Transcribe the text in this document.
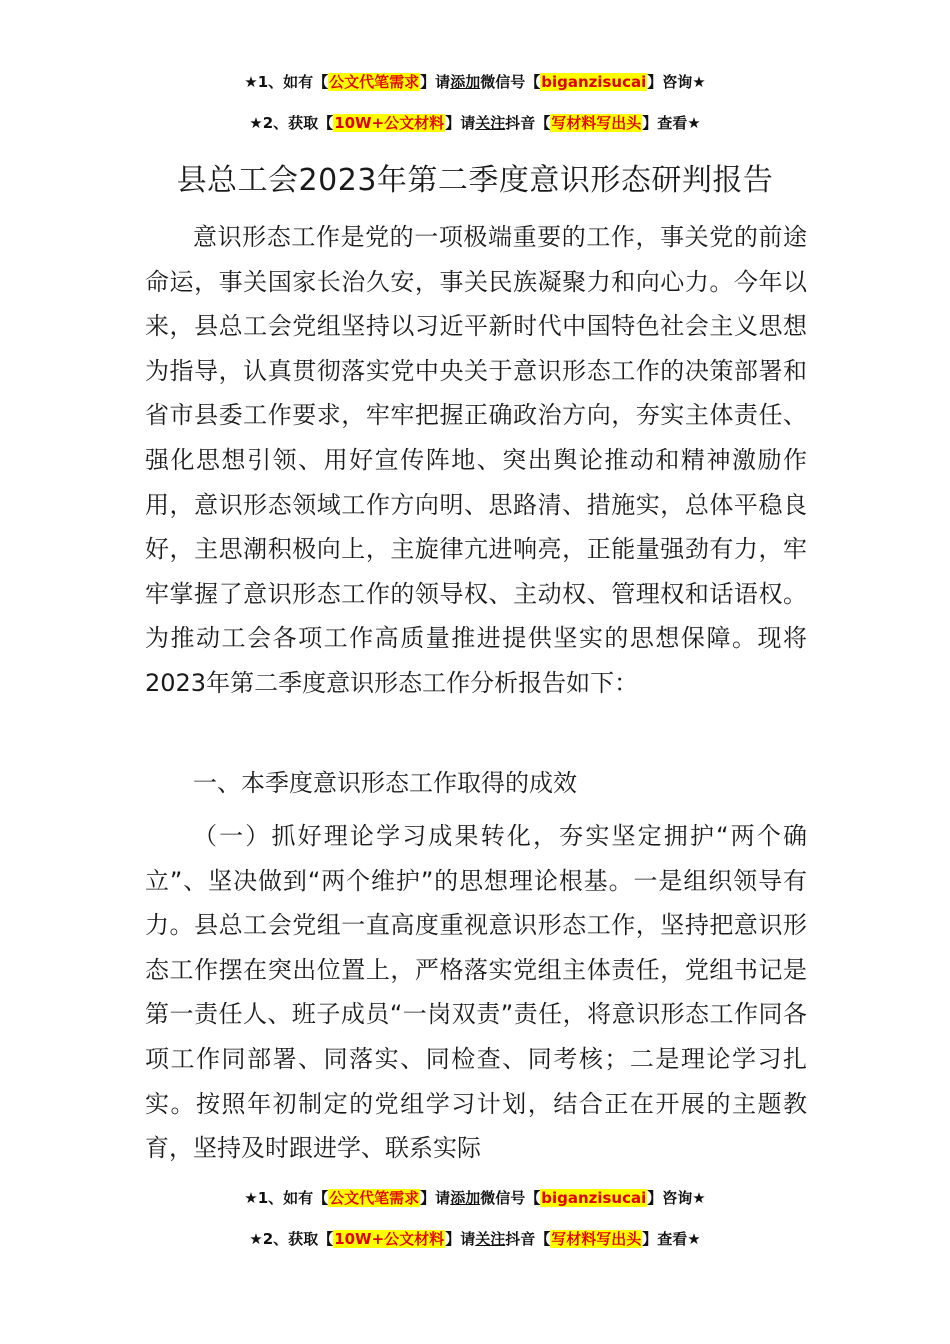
★1、如有【公文代笔需求】请添加微信号【biganzisucai】咨询★
★2、获取【10W+公文材料】请关注抖音【写材料写出头】查看★
县总工会2023年第二季度意识形态研判报告

意识形态工作是党的一项极端重要的工作，事关党的前途命运，事关国家长治久安，事关民族凝聚力和向心力。今年以来，县总工会党组坚持以习近平新时代中国特色社会主义思想为指导，认真贯彻落实党中央关于意识形态工作的决策部署和省市县委工作要求，牢牢把握正确政治方向，夯实主体责任、强化思想引领、用好宣传阵地、突出舆论推动和精神激励作用，意识形态领域工作方向明、思路清、措施实，总体平稳良好，主思潮积极向上，主旋律亢进响亮，正能量强劲有力，牢牢掌握了意识形态工作的领导权、主动权、管理权和话语权。为推动工会各项工作高质量推进提供坚实的思想保障。现将2023年第二季度意识形态工作分析报告如下：

一、本季度意识形态工作取得的成效

（一）抓好理论学习成果转化，夯实坚定拥护“两个确立”、坚决做到“两个维护”的思想理论根基。一是组织领导有力。县总工会党组一直高度重视意识形态工作，坚持把意识形态工作摆在突出位置上，严格落实党组主体责任，党组书记是第一责任人、班子成员“一岗双责”责任，将意识形态工作同各项工作同部署、同落实、同检查、同考核；二是理论学习扎实。按照年初制定的党组学习计划，结合正在开展的主题教育，坚持及时跟进学、联系实际

★1、如有【公文代笔需求】请添加微信号【biganzisucai】咨询★
★2、获取【10W+公文材料】请关注抖音【写材料写出头】查看★
